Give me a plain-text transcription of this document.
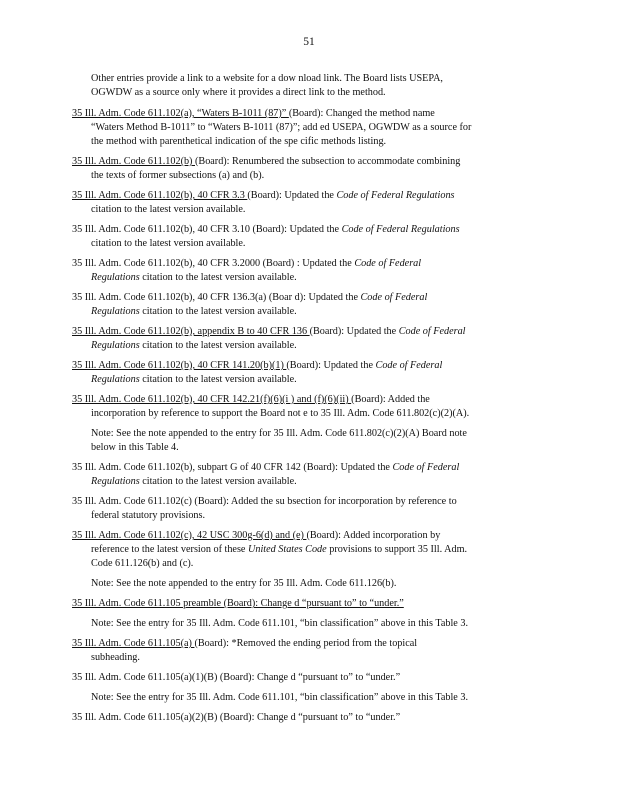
51
Other entries provide a link to a website for a dow nload link. The Board lists USEPA,
OGWDW as a source only where it provides a direct link to the method.
35 Ill. Adm. Code 611.102(a), “Waters B-1011 (87)” (Board): Changed the method name
“Waters Method B-1011” to “Waters B-1011 (87)”; add ed USEPA, OGWDW as a source for
the method with parenthetical indication of the spe cific methods listing.
35 Ill. Adm. Code 611.102(b) (Board): Renumbered the subsection to accommodate combining
the texts of former subsections (a) and (b).
35 Ill. Adm. Code 611.102(b), 40 CFR 3.3 (Board): Updated the Code of Federal Regulations
citation to the latest version available.
35 Ill. Adm. Code 611.102(b), 40 CFR 3.10 (Board): Updated the Code of Federal Regulations
citation to the latest version available.
35 Ill. Adm. Code 611.102(b), 40 CFR 3.2000 (Board) : Updated the Code of Federal
Regulations citation to the latest version available.
35 Ill. Adm. Code 611.102(b), 40 CFR 136.3(a) (Boar d): Updated the Code of Federal
Regulations citation to the latest version available.
35 Ill. Adm. Code 611.102(b), appendix B to 40 CFR 136 (Board): Updated the Code of Federal
Regulations citation to the latest version available.
35 Ill. Adm. Code 611.102(b), 40 CFR 141.20(b)(1) (Board): Updated the Code of Federal
Regulations citation to the latest version available.
35 Ill. Adm. Code 611.102(b), 40 CFR 142.21(f)(6)(i ) and (f)(6)(ii) (Board): Added the
incorporation by reference to support the Board not e to 35 Ill. Adm. Code 611.802(c)(2)(A).
Note: See the note appended to the entry for 35 Ill. Adm. Code 611.802(c)(2)(A) Board note
below in this Table 4.
35 Ill. Adm. Code 611.102(b), subpart G of 40 CFR 142 (Board): Updated the Code of Federal
Regulations citation to the latest version available.
35 Ill. Adm. Code 611.102(c) (Board): Added the su bsection for incorporation by reference to
federal statutory provisions.
35 Ill. Adm. Code 611.102(c), 42 USC 300g-6(d) and (e) (Board): Added incorporation by
reference to the latest version of these United States Code provisions to support 35 Ill. Adm.
Code 611.126(b) and (c).
Note: See the note appended to the entry for 35 Ill. Adm. Code 611.126(b).
35 Ill. Adm. Code 611.105 preamble (Board): Change d “pursuant to” to “under.”
Note: See the entry for 35 Ill. Adm. Code 611.101, “bin classification” above in this Table 3.
35 Ill. Adm. Code 611.105(a) (Board): *Removed the ending period from the topical
subheading.
35 Ill. Adm. Code 611.105(a)(1)(B) (Board): Change d “pursuant to” to “under.”
Note: See the entry for 35 Ill. Adm. Code 611.101, “bin classification” above in this Table 3.
35 Ill. Adm. Code 611.105(a)(2)(B) (Board): Change d “pursuant to” to “under.”
